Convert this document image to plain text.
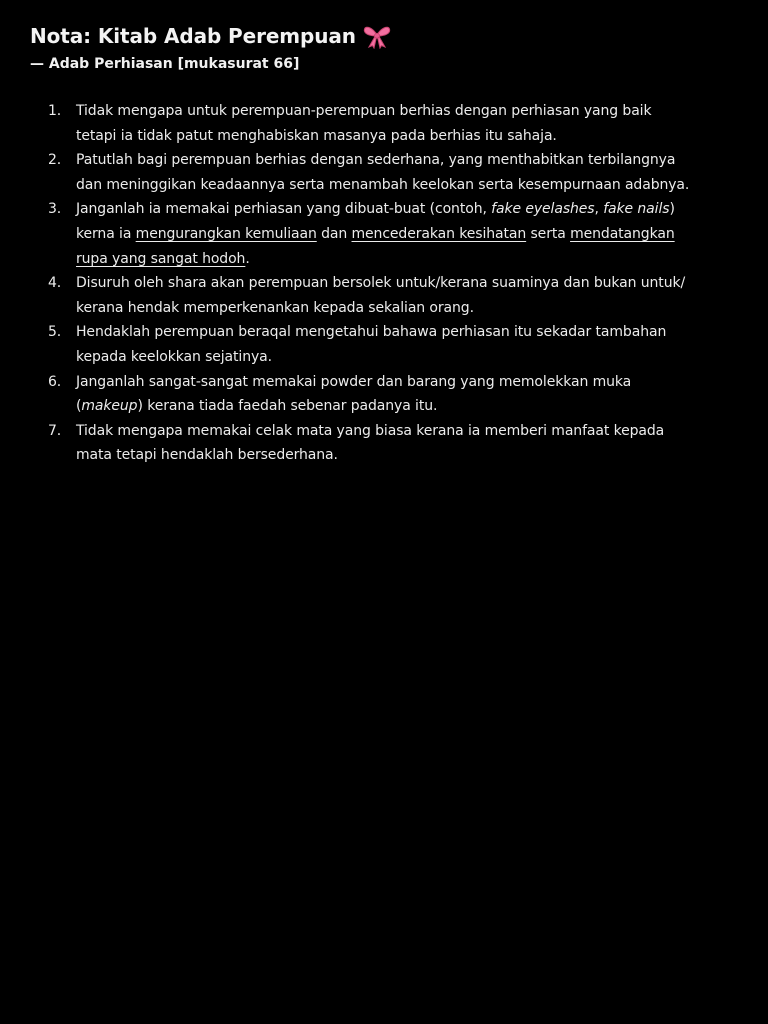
Nota: Kitab Adab Perempuan
— Adab Perhiasan [mukasurat 66]
1.	Tidak mengapa untuk perempuan-perempuan berhias dengan perhiasan yang baik
tetapi ia tidak patut menghabiskan masanya pada berhias itu sahaja.
2.	Patutlah bagi perempuan berhias dengan sederhana, yang menthabitkan terbilangnya
dan meninggikan keadaannya serta menambah keelokan serta kesempurnaan adabnya.
3.	Janganlah ia memakai perhiasan yang dibuat-buat (contoh, fake eyelashes, fake nails)
kerna ia mengurangkan kemuliaan dan mencederakan kesihatan serta mendatangkan
rupa yang sangat hodoh.
4.	Disuruh oleh shara akan perempuan bersolek untuk/kerana suaminya dan bukan untuk/
kerana hendak memperkenankan kepada sekalian orang.
5.	Hendaklah perempuan beraqal mengetahui bahawa perhiasan itu sekadar tambahan
kepada keelokkan sejatinya.
6.	Janganlah sangat-sangat memakai powder dan barang yang memolekkan muka
(makeup) kerana tiada faedah sebenar padanya itu.
7.	Tidak mengapa memakai celak mata yang biasa kerana ia memberi manfaat kepada
mata tetapi hendaklah bersederhana.
